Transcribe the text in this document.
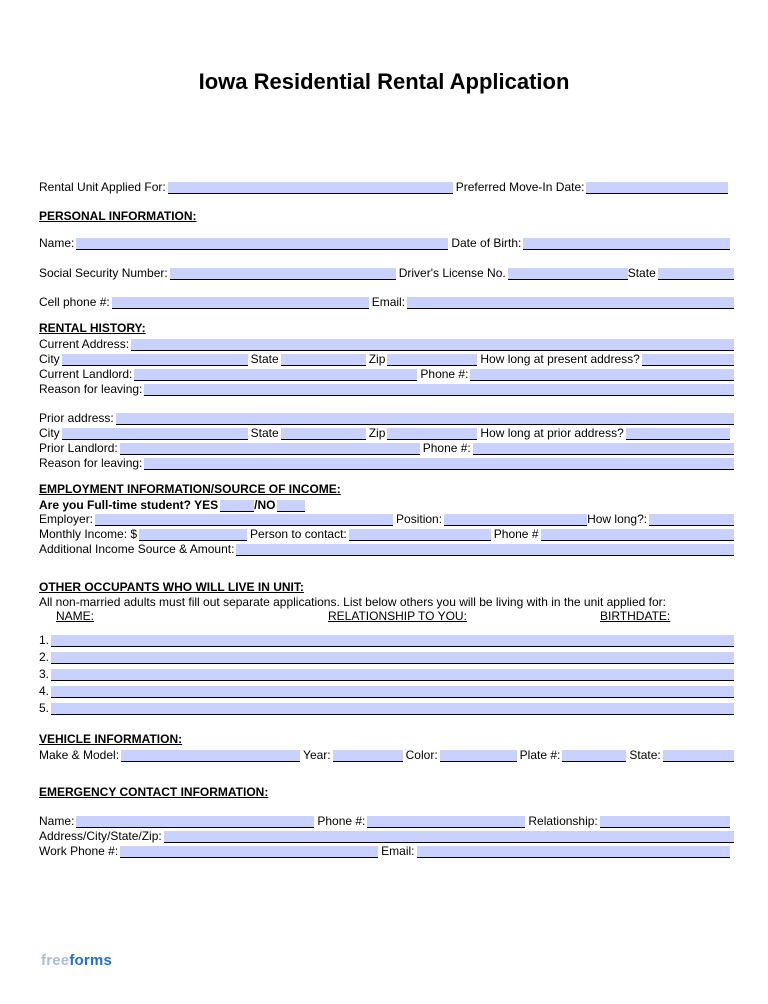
Iowa Residential Rental Application
Rental Unit Applied For:	Preferred Move-In Date:
PERSONAL INFORMATION:
Name:	Date of Birth:
Social Security Number:	Driver's License No.	State
Cell phone #:	Email:
RENTAL HISTORY:
Current Address:
City	State	Zip	How long at present address?
Current Landlord:	Phone #:
Reason for leaving:
Prior address:
City	State	Zip	How long at prior address?
Prior Landlord:	Phone #:
Reason for leaving:
EMPLOYMENT INFORMATION/SOURCE OF INCOME:
Are you Full-time student? YES	/NO
Employer:	Position:	How long?:
Monthly Income: $	Person to contact:	Phone #
Additional Income Source & Amount:
OTHER OCCUPANTS WHO WILL LIVE IN UNIT:
All non-married adults must fill out separate applications. List below others you will be living with in the unit applied for:
NAME:	RELATIONSHIP TO YOU:	BIRTHDATE:
1.
2.
3.
4.
5.
VEHICLE INFORMATION:
Make & Model:	Year:	Color:	Plate #:	State:
EMERGENCY CONTACT INFORMATION:
Name:	Phone #:	Relationship:
Address/City/State/Zip:
Work Phone #:	Email:
freeforms
